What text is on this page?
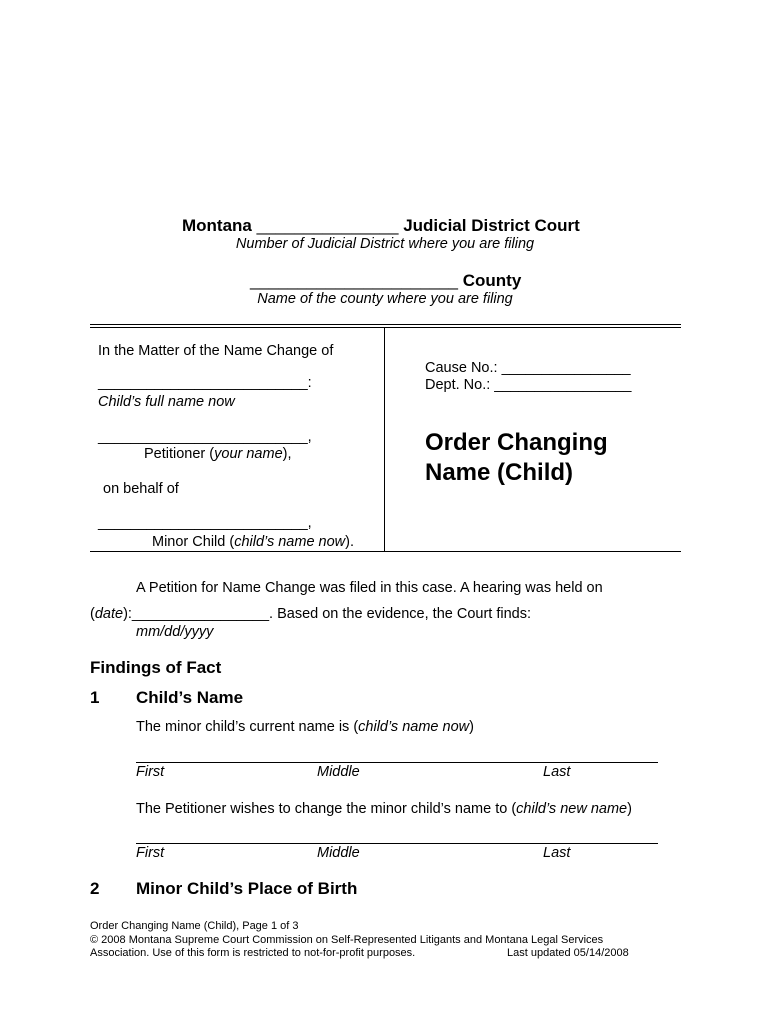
Montana _______________ Judicial District Court
Number of Judicial District where you are filing
______________________ County
Name of the county where you are filing
In the Matter of the Name Change of
__________________________:
Child’s full name now
__________________________,
Petitioner (your name),
on behalf of
__________________________,
Minor Child (child’s name now).
Cause No.: ________________
Dept. No.: _________________
Order Changing
Name (Child)
A Petition for Name Change was filed in this case. A hearing was held on
(date):_________________. Based on the evidence, the Court finds:
mm/dd/yyyy
Findings of Fact
1 Child’s Name
The minor child’s current name is (child’s name now)
First	Middle	Last
The Petitioner wishes to change the minor child’s name to (child’s new name)
First	Middle	Last
2 Minor Child’s Place of Birth
Order Changing Name (Child), Page 1 of 3
© 2008 Montana Supreme Court Commission on Self-Represented Litigants and Montana Legal Services
Association. Use of this form is restricted to not-for-profit purposes.	Last updated 05/14/2008
